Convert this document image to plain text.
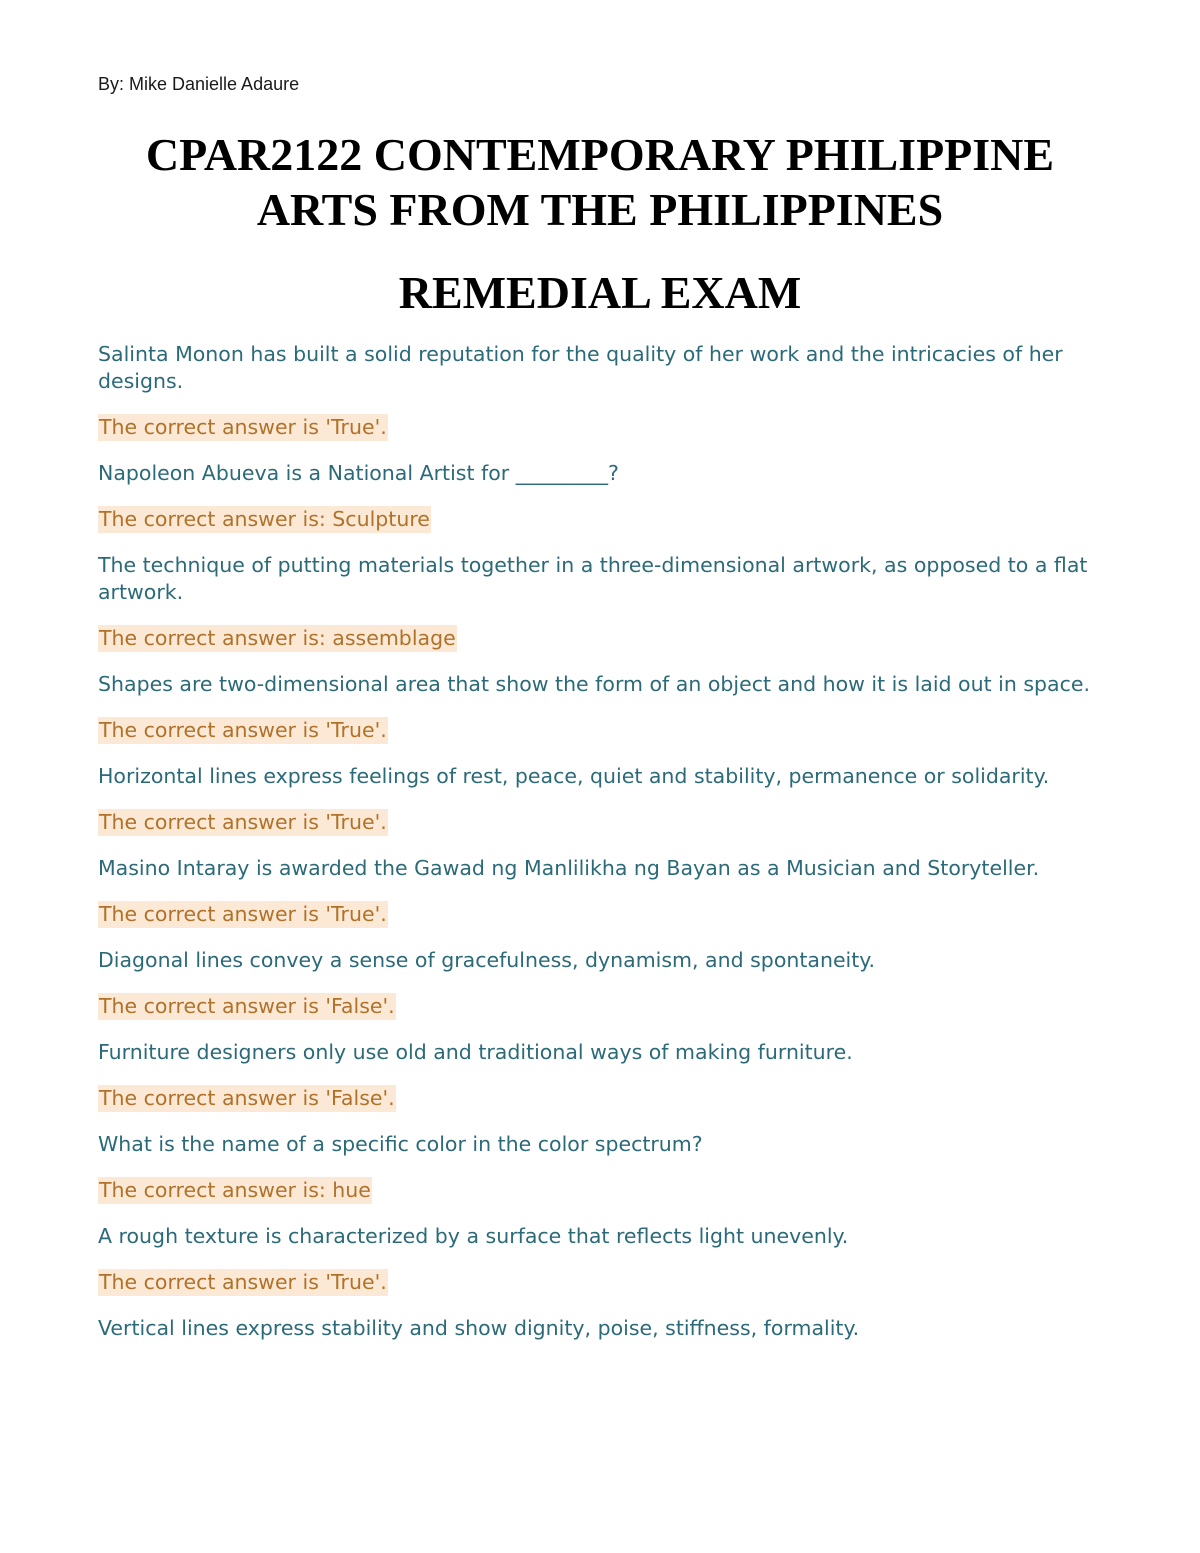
By: Mike Danielle Adaure

CPAR2122 CONTEMPORARY PHILIPPINE
ARTS FROM THE PHILIPPINES
REMEDIAL EXAM

Salinta Monon has built a solid reputation for the quality of her work and the intricacies of her designs.

The correct answer is 'True'.

Napoleon Abueva is a National Artist for _________?

The correct answer is: Sculpture

The technique of putting materials together in a three-dimensional artwork, as opposed to a flat artwork.

The correct answer is: assemblage

Shapes are two-dimensional area that show the form of an object and how it is laid out in space.

The correct answer is 'True'.

Horizontal lines express feelings of rest, peace, quiet and stability, permanence or solidarity.

The correct answer is 'True'.

Masino Intaray is awarded the Gawad ng Manlilikha ng Bayan as a Musician and Storyteller.

The correct answer is 'True'.

Diagonal lines convey a sense of gracefulness, dynamism, and spontaneity.

The correct answer is 'False'.

Furniture designers only use old and traditional ways of making furniture.

The correct answer is 'False'.

What is the name of a specific color in the color spectrum?

The correct answer is: hue

A rough texture is characterized by a surface that reflects light unevenly.

The correct answer is 'True'.

Vertical lines express stability and show dignity, poise, stiffness, formality.
